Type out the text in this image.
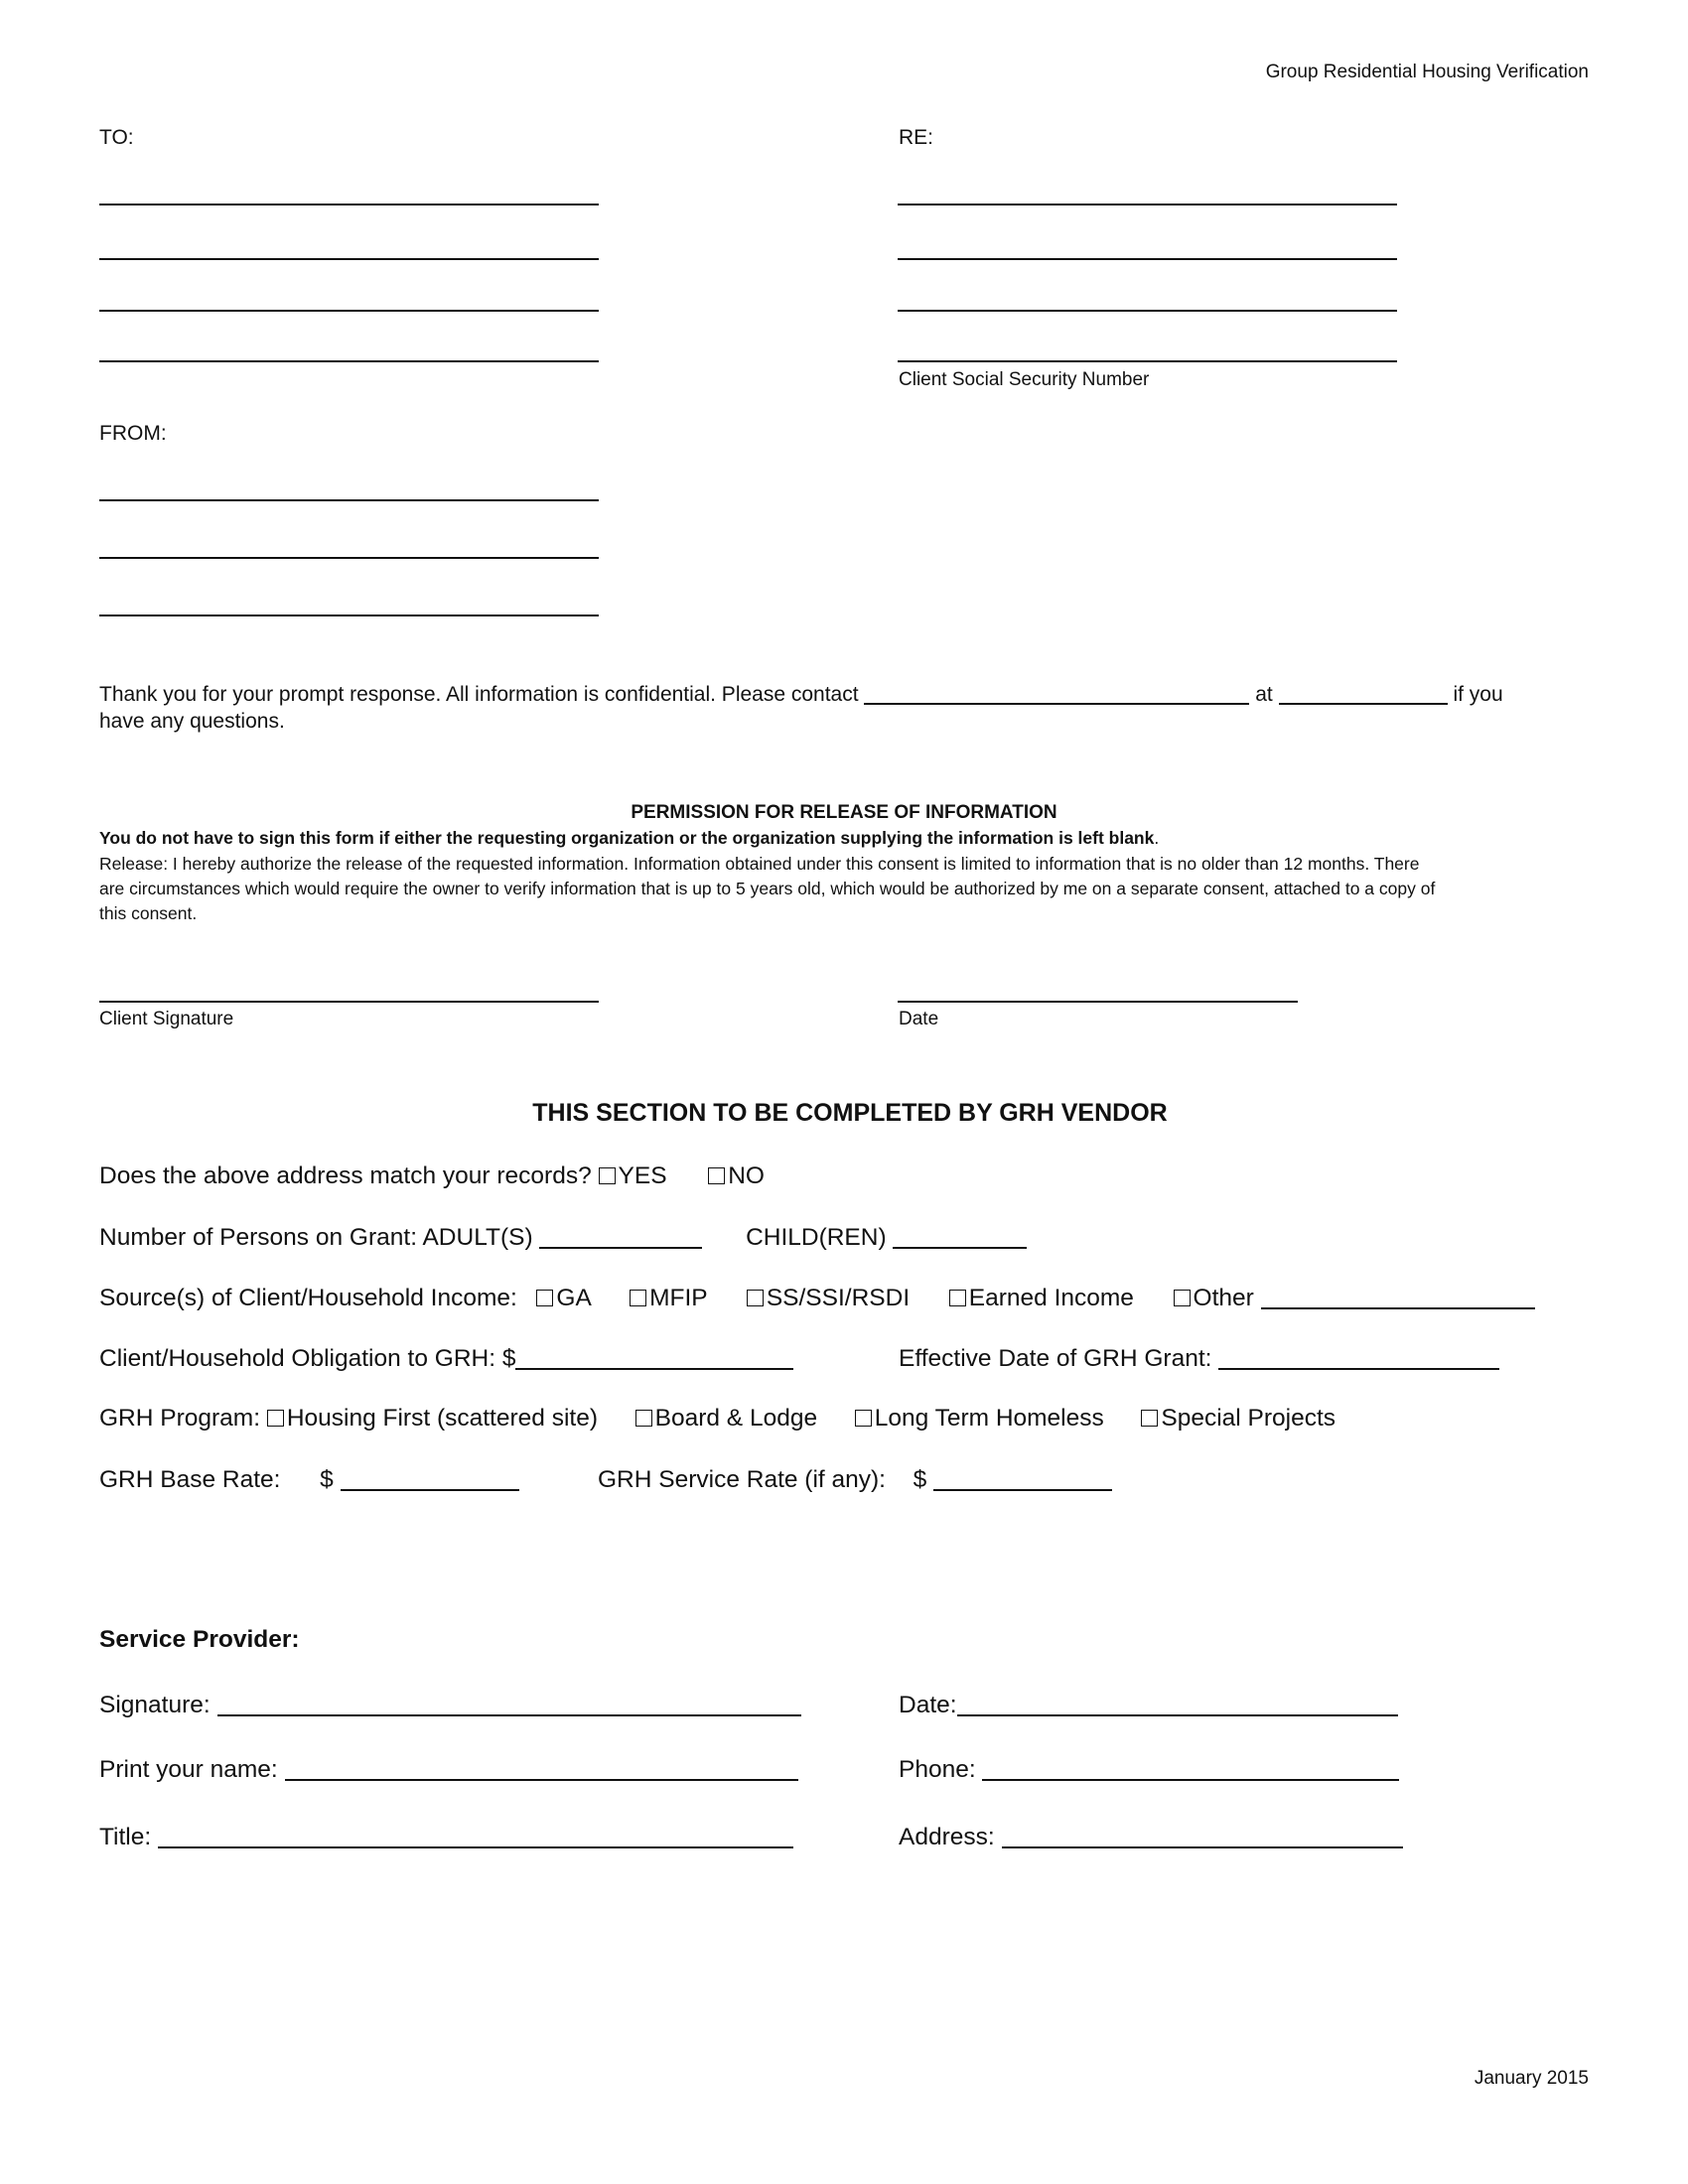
Group Residential Housing Verification
TO:	RE:
Client Social Security Number
FROM:
Thank you for your prompt response. All information is confidential. Please contact	at	if you
have any questions.
PERMISSION FOR RELEASE OF INFORMATION
You do not have to sign this form if either the requesting organization or the organization supplying the information is left blank.
Release: I hereby authorize the release of the requested information. Information obtained under this consent is limited to information that is no older than 12 months. There
are circumstances which would require the owner to verify information that is up to 5 years old, which would be authorized by me on a separate consent, attached to a copy of
this consent.
Client Signature	Date
THIS SECTION TO BE COMPLETED BY GRH VENDOR
Does the above address match your records? YES	NO
Number of Persons on Grant: ADULT(S)	CHILD(REN)
Source(s) of Client/Household Income: GA MFIP SS/SSI/RSDI Earned Income Other
Client/Household Obligation to GRH: $	Effective Date of GRH Grant:
GRH Program: Housing First (scattered site) Board & Lodge Long Term Homeless Special Projects
GRH Base Rate: $	GRH Service Rate (if any): $
Service Provider:
Signature:	Date:
Print your name:	Phone:
Title:	Address:
January 2015
